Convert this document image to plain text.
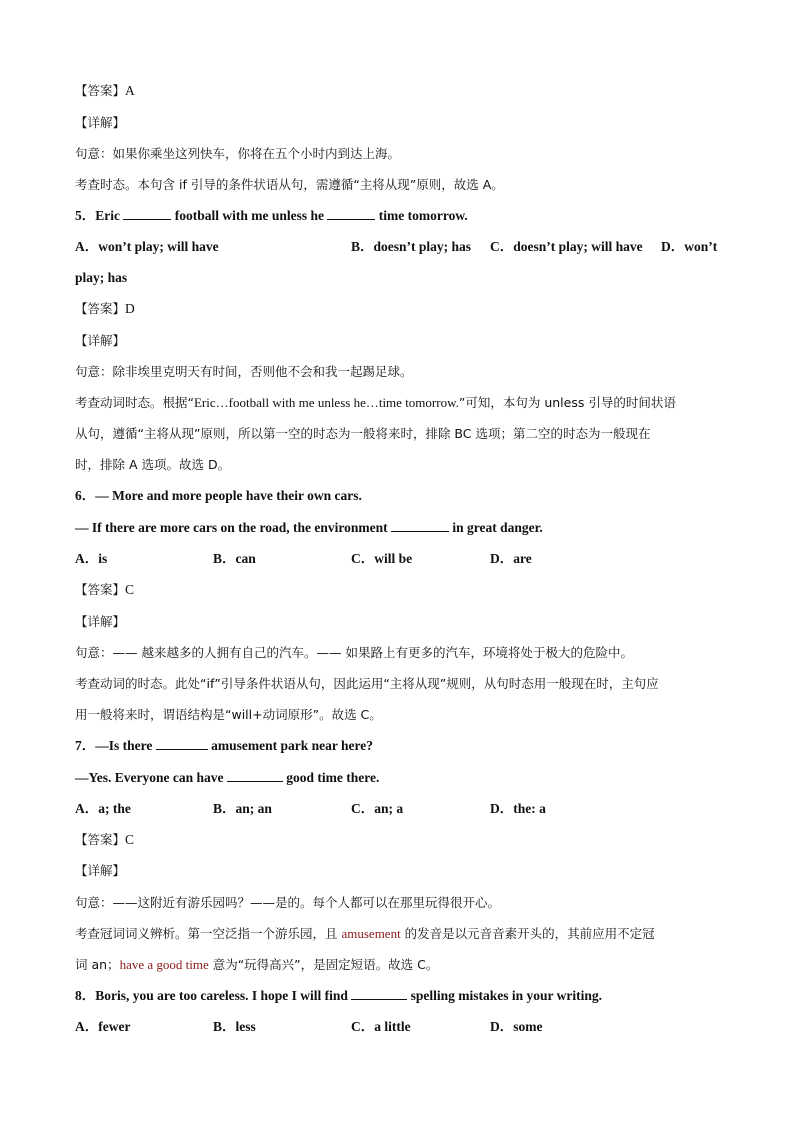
【答案】A
【详解】
句意：如果你乘坐这列快车，你将在五个小时内到达上海。
考查时态。本句含 if 引导的条件状语从句，需遵循“主将从现”原则，故选 A。
5．Eric	football with me unless he	time tomorrow.
A．won’t play; will have	B．doesn’t play; has C．doesn’t play; will have D．won’t
play; has
【答案】D
【详解】
句意：除非埃里克明天有时间，否则他不会和我一起踢足球。
考查动词时态。根据“Eric…football with me unless he…time tomorrow.”可知，本句为 unless 引导的时间状语
从句，遵循“主将从现”原则，所以第一空的时态为一般将来时，排除 BC 选项；第二空的时态为一般现在
时，排除 A 选项。故选 D。
6．— More and more people have their own cars.
— If there are more cars on the road, the environment	in great danger.
A．is	B．can	C．will be	D．are
【答案】C
【详解】
句意：—— 越来越多的人拥有自己的汽车。—— 如果路上有更多的汽车，环境将处于极大的危险中。
考查动词的时态。此处“if”引导条件状语从句，因此运用“主将从现”规则，从句时态用一般现在时，主句应
用一般将来时，谓语结构是“will+动词原形”。故选 C。
7．—Is there	amusement park near here?
—Yes. Everyone can have	good time there.
A．a; the	B．an; an	C．an; a	D．the: a
【答案】C
【详解】
句意：——这附近有游乐园吗？——是的。每个人都可以在那里玩得很开心。
考查冠词词义辨析。第一空泛指一个游乐园，且 amusement 的发音是以元音音素开头的，其前应用不定冠
词 an；have a good time 意为“玩得高兴”，是固定短语。故选 C。
8．Boris, you are too careless. I hope I will find	spelling mistakes in your writing.
A．fewer	B．less	C．a little	D．some
